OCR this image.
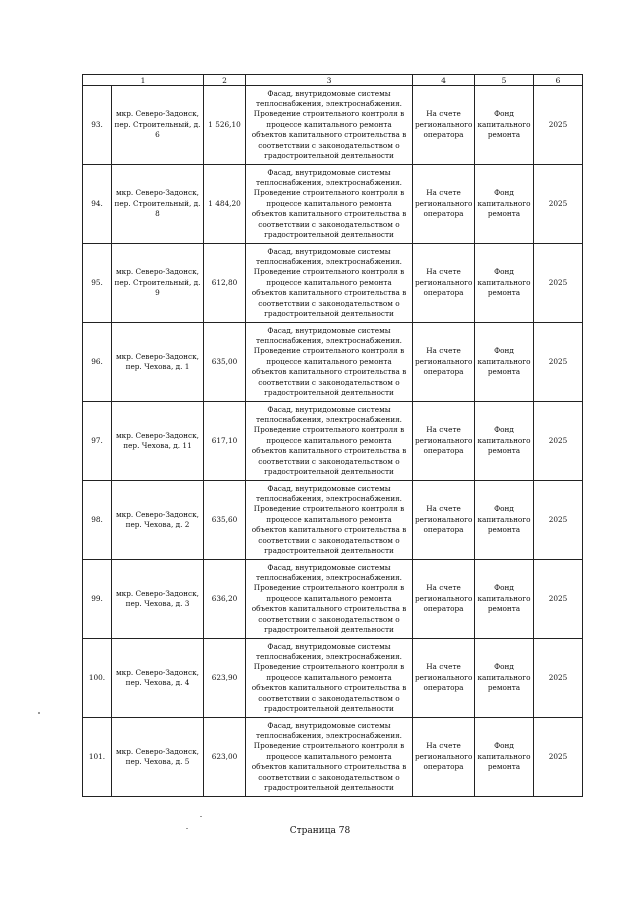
1		2	3	4	5	6
93.	мкр. Северо-Задонск, пер. Строительный, д. 6	1 526,10	Фасад, внутридомовые системы теплоснабжения, электроснабжения. Проведение строительного контроля в процессе капитального ремонта объектов капитального строительства в соответствии с законодательством о градостроительной деятельности	На счете регионального оператора	Фонд капитального ремонта	2025
94.	мкр. Северо-Задонск, пер. Строительный, д. 8	1 484,20	Фасад, внутридомовые системы теплоснабжения, электроснабжения. Проведение строительного контроля в процессе капитального ремонта объектов капитального строительства в соответствии с законодательством о градостроительной деятельности	На счете регионального оператора	Фонд капитального ремонта	2025
95.	мкр. Северо-Задонск, пер. Строительный, д. 9	612,80	Фасад, внутридомовые системы теплоснабжения, электроснабжения. Проведение строительного контроля в процессе капитального ремонта объектов капитального строительства в соответствии с законодательством о градостроительной деятельности	На счете регионального оператора	Фонд капитального ремонта	2025
96.	мкр. Северо-Задонск, пер. Чехова, д. 1	635,00	Фасад, внутридомовые системы теплоснабжения, электроснабжения. Проведение строительного контроля в процессе капитального ремонта объектов капитального строительства в соответствии с законодательством о градостроительной деятельности	На счете регионального оператора	Фонд капитального ремонта	2025
97.	мкр. Северо-Задонск, пер. Чехова, д. 11	617,10	Фасад, внутридомовые системы теплоснабжения, электроснабжения. Проведение строительного контроля в процессе капитального ремонта объектов капитального строительства в соответствии с законодательством о градостроительной деятельности	На счете регионального оператора	Фонд капитального ремонта	2025
98.	мкр. Северо-Задонск, пер. Чехова, д. 2	635,60	Фасад, внутридомовые системы теплоснабжения, электроснабжения. Проведение строительного контроля в процессе капитального ремонта объектов капитального строительства в соответствии с законодательством о градостроительной деятельности	На счете регионального оператора	Фонд капитального ремонта	2025
99.	мкр. Северо-Задонск, пер. Чехова, д. 3	636,20	Фасад, внутридомовые системы теплоснабжения, электроснабжения. Проведение строительного контроля в процессе капитального ремонта объектов капитального строительства в соответствии с законодательством о градостроительной деятельности	На счете регионального оператора	Фонд капитального ремонта	2025
100.	мкр. Северо-Задонск, пер. Чехова, д. 4	623,90	Фасад, внутридомовые системы теплоснабжения, электроснабжения. Проведение строительного контроля в процессе капитального ремонта объектов капитального строительства в соответствии с законодательством о градостроительной деятельности	На счете регионального оператора	Фонд капитального ремонта	2025
101.	мкр. Северо-Задонск, пер. Чехова, д. 5	623,00	Фасад, внутридомовые системы теплоснабжения, электроснабжения. Проведение строительного контроля в процессе капитального ремонта объектов капитального строительства в соответствии с законодательством о градостроительной деятельности	На счете регионального оператора	Фонд капитального ремонта	2025
Страница 78
